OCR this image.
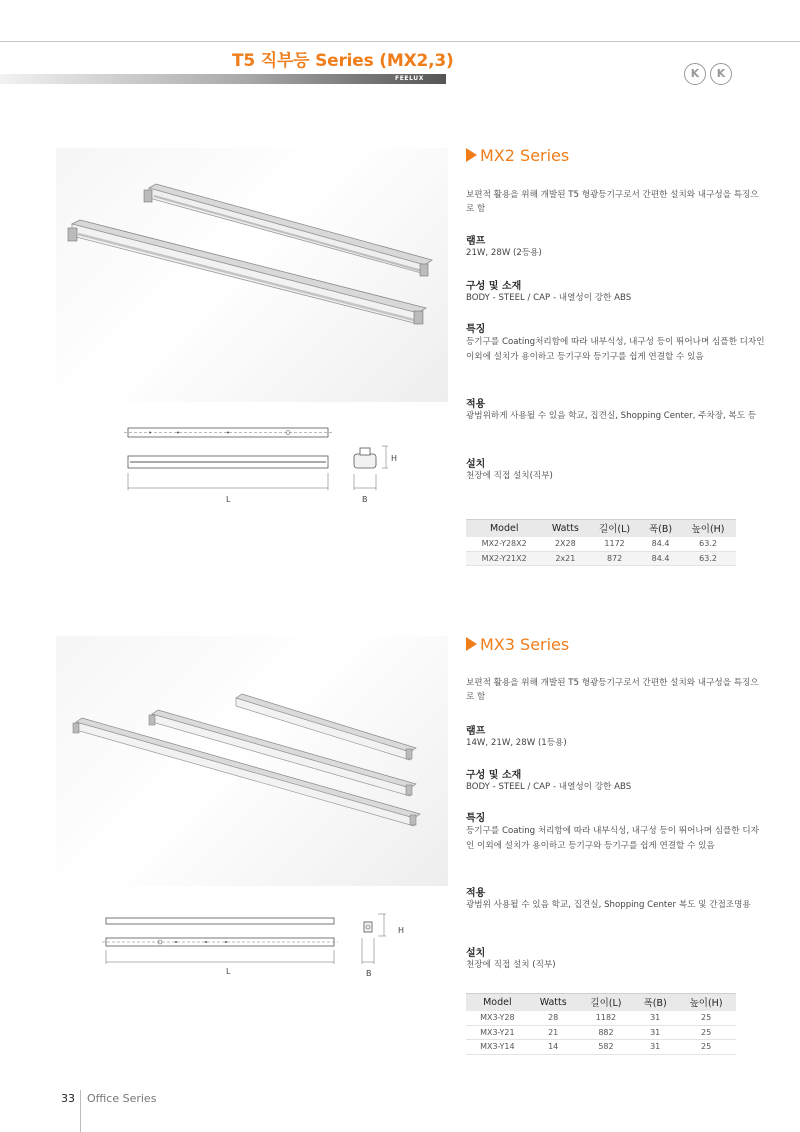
T5 직부등 Series (MX2,3)
FEELUX	K	K
L	B
H
MX2 Series
보편적 활용을 위해 개발된 T5 형광등기구로서 간편한 설치와 내구성을 특징으로 함
램프
21W, 28W (2등용)
구성 및 소재
BODY - STEEL / CAP - 내열성이 강한 ABS
특징
등기구를 Coating처리함에 따라 내부식성, 내구성 등이 뛰어나며 심플한 디자인 이외에 설치가 용이하고 등기구와 등기구를 쉽게 연결할 수 있음
적용
광범위하게 사용될 수 있음 학교, 집견실, Shopping Center, 주차장, 복도 등
설치
천장에 직접 설치(직부)
Model	Watts	길이(L)	폭(B)	높이(H)
MX2-Y28X2	2X28	1172	84.4	63.2
MX2-Y21X2	2x21	872	84.4	63.2
L	B
H
MX3 Series
보편적 활용을 위해 개발된 T5 형광등기구로서 간편한 설치와 내구성을 특징으로 함
램프
14W, 21W, 28W (1등용)
구성 및 소재
BODY - STEEL / CAP - 내열성이 강한 ABS
특징
등기구를 Coating 처리함에 따라 내부식성, 내구성 등이 뛰어나며 심플한 디자인 이외에 설치가 용이하고 등기구와 등기구를 쉽게 연결할 수 있음
적용
광범위 사용될 수 있음 학교, 집견실, Shopping Center 복도 및 간접조명용
설치
천장에 직접 설치 (직부)
Model	Watts	길이(L)	폭(B)	높이(H)
MX3-Y28	28	1182	31	25
MX3-Y21	21	882	31	25
MX3-Y14	14	582	31	25
33 Office Series
